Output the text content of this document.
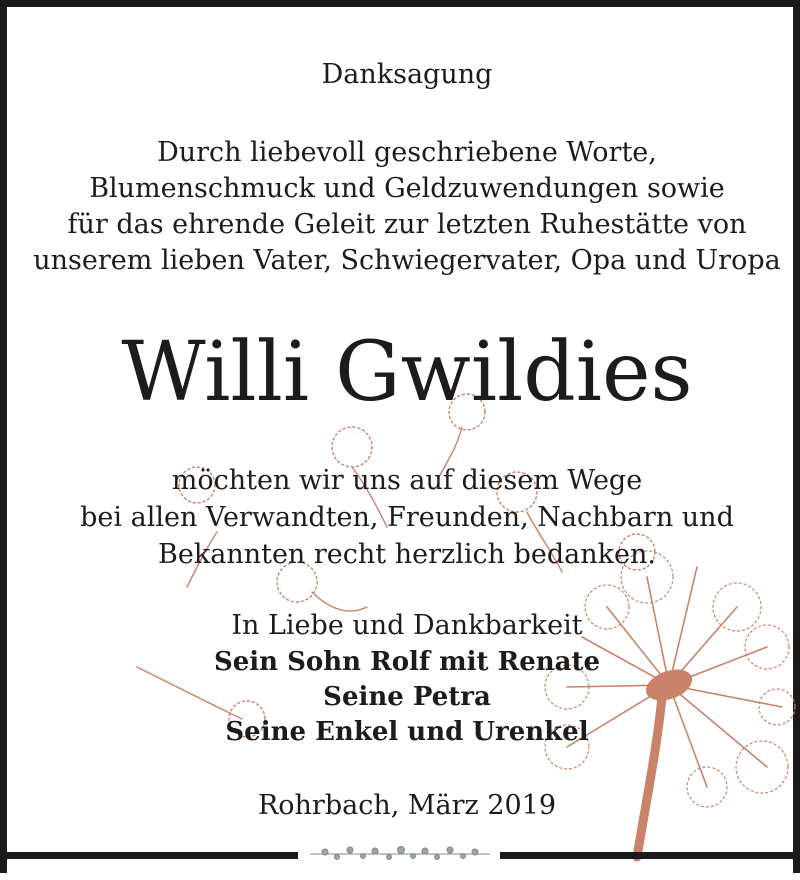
Danksagung
Durch liebevoll geschriebene Worte,
Blumenschmuck und Geldzuwendungen sowie
für das ehrende Geleit zur letzten Ruhestätte von
unserem lieben Vater, Schwiegervater, Opa und Uropa
Willi Gwildies
möchten wir uns auf diesem Wege
bei allen Verwandten, Freunden, Nachbarn und
Bekannten recht herzlich bedanken.
In Liebe und Dankbarkeit
Sein Sohn Rolf mit Renate
Seine Petra
Seine Enkel und Urenkel
Rohrbach, März 2019
